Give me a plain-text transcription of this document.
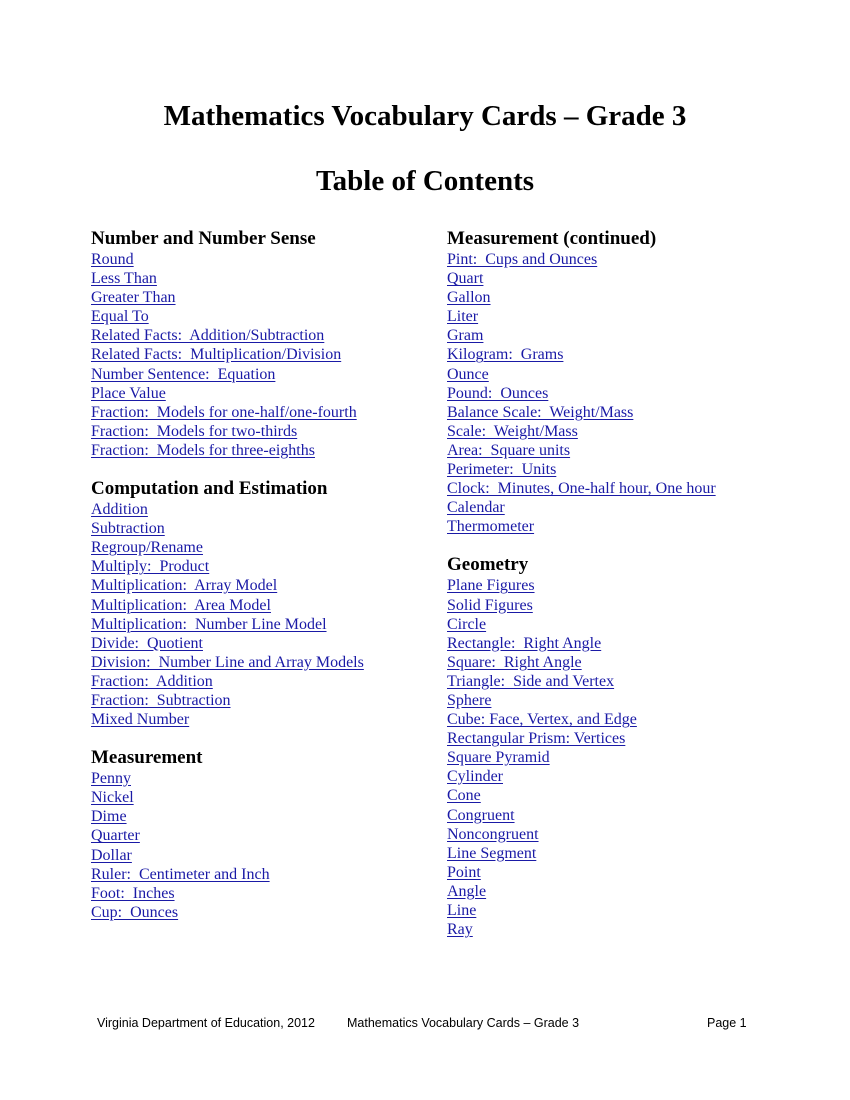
Mathematics Vocabulary Cards – Grade 3
Table of Contents
Number and Number Sense
Round
Less Than
Greater Than
Equal To
Related Facts:  Addition/Subtraction
Related Facts:  Multiplication/Division
Number Sentence:  Equation
Place Value
Fraction:  Models for one-half/one-fourth
Fraction:  Models for two-thirds
Fraction:  Models for three-eighths
Computation and Estimation
Addition
Subtraction
Regroup/Rename
Multiply:  Product
Multiplication:  Array Model
Multiplication:  Area Model
Multiplication:  Number Line Model
Divide:  Quotient
Division:  Number Line and Array Models
Fraction:  Addition
Fraction:  Subtraction
Mixed Number
Measurement
Penny
Nickel
Dime
Quarter
Dollar
Ruler:  Centimeter and Inch
Foot:  Inches
Cup:  Ounces
Measurement (continued)
Pint:  Cups and Ounces
Quart
Gallon
Liter
Gram
Kilogram:  Grams
Ounce
Pound:  Ounces
Balance Scale:  Weight/Mass
Scale:  Weight/Mass
Area:  Square units
Perimeter:  Units
Clock:  Minutes, One-half hour, One hour
Calendar
Thermometer
Geometry
Plane Figures
Solid Figures
Circle
Rectangle:  Right Angle
Square:  Right Angle
Triangle:  Side and Vertex
Sphere
Cube: Face, Vertex, and Edge
Rectangular Prism: Vertices
Square Pyramid
Cylinder
Cone
Congruent
Noncongruent
Line Segment
Point
Angle
Line
Ray
Virginia Department of Education, 2012	Mathematics Vocabulary Cards – Grade 3	Page 1
